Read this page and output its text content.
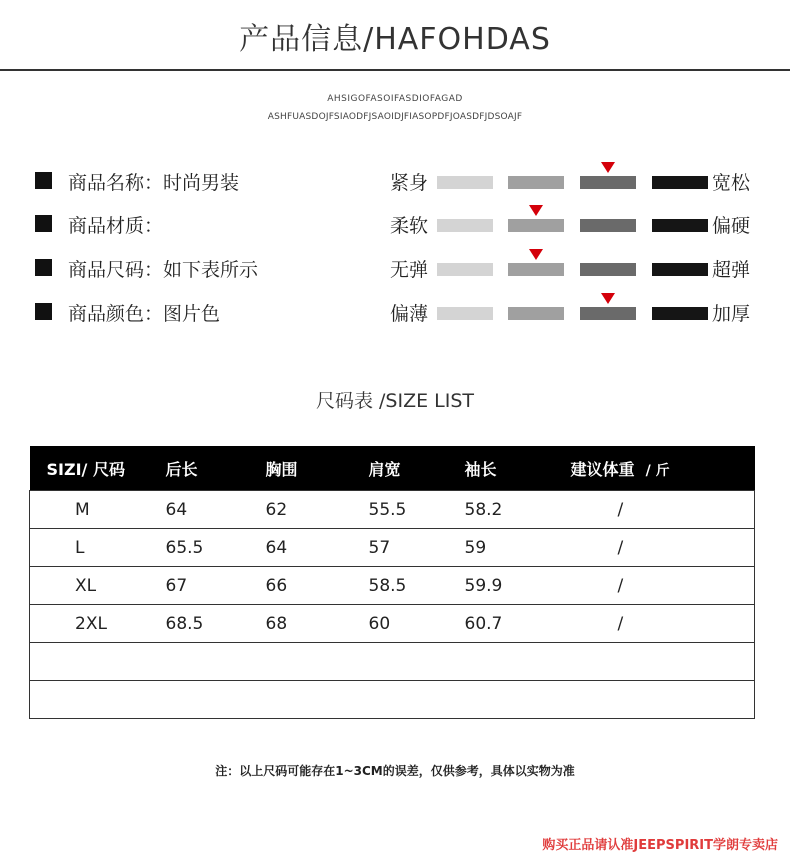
产品信息/HAFOHDAS
AHSIGOFASOIFASDIOFAGAD
ASHFUASDOJFSIAODFJSAOIDJFIASOPDFJOASDFJDSOAJF
商品名称：时尚男装	紧身	宽松
商品材质：	柔软	偏硬
商品尺码：如下表所示	无弹	超弹
商品颜色：图片色	偏薄	加厚
尺码表 /SIZE LIST
SIZI/ 尺码	后长	胸围	肩宽	袖长	建议体重 / 斤
M	64	62	55.5	58.2	/
L	65.5	64	57	59	/
XL	67	66	58.5	59.9	/
2XL	68.5	68	60	60.7	/

注：以上尺码可能存在1~3CM的误差，仅供参考，具体以实物为准
购买正品请认准JEEPSPIRIT学朗专卖店
